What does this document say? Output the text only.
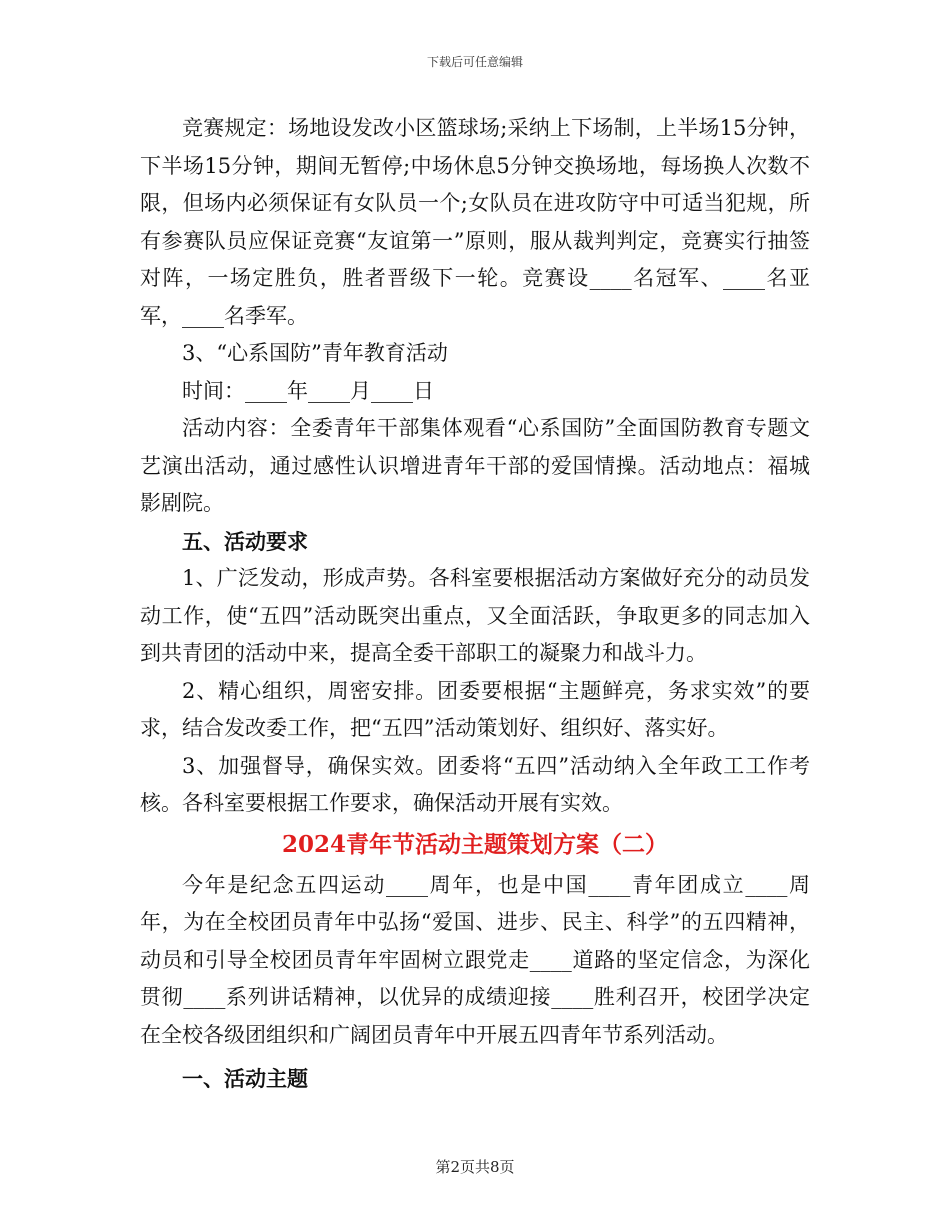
下载后可任意编辑

竞赛规定：场地设发改小区篮球场;采纳上下场制，上半场15分钟，下半场15分钟，期间无暂停;中场休息5分钟交换场地，每场换人次数不限，但场内必须保证有女队员一个;女队员在进攻防守中可适当犯规，所有参赛队员应保证竞赛“友谊第一”原则，服从裁判判定，竞赛实行抽签对阵，一场定胜负，胜者晋级下一轮。竞赛设____名冠军、____名亚军，____名季军。

3、“心系国防”青年教育活动

时间：____年____月____日

活动内容：全委青年干部集体观看“心系国防”全面国防教育专题文艺演出活动，通过感性认识增进青年干部的爱国情操。活动地点：福城影剧院。

五、活动要求

1、广泛发动，形成声势。各科室要根据活动方案做好充分的动员发动工作，使“五四”活动既突出重点，又全面活跃，争取更多的同志加入到共青团的活动中来，提高全委干部职工的凝聚力和战斗力。

2、精心组织，周密安排。团委要根据“主题鲜亮，务求实效”的要求，结合发改委工作，把“五四”活动策划好、组织好、落实好。

3、加强督导，确保实效。团委将“五四”活动纳入全年政工工作考核。各科室要根据工作要求，确保活动开展有实效。

2024青年节活动主题策划方案（二）

今年是纪念五四运动____周年，也是中国____青年团成立____周年，为在全校团员青年中弘扬“爱国、进步、民主、科学”的五四精神，动员和引导全校团员青年牢固树立跟党走____道路的坚定信念，为深化贯彻____系列讲话精神，以优异的成绩迎接____胜利召开，校团学决定在全校各级团组织和广阔团员青年中开展五四青年节系列活动。

一、活动主题

第2页共8页
